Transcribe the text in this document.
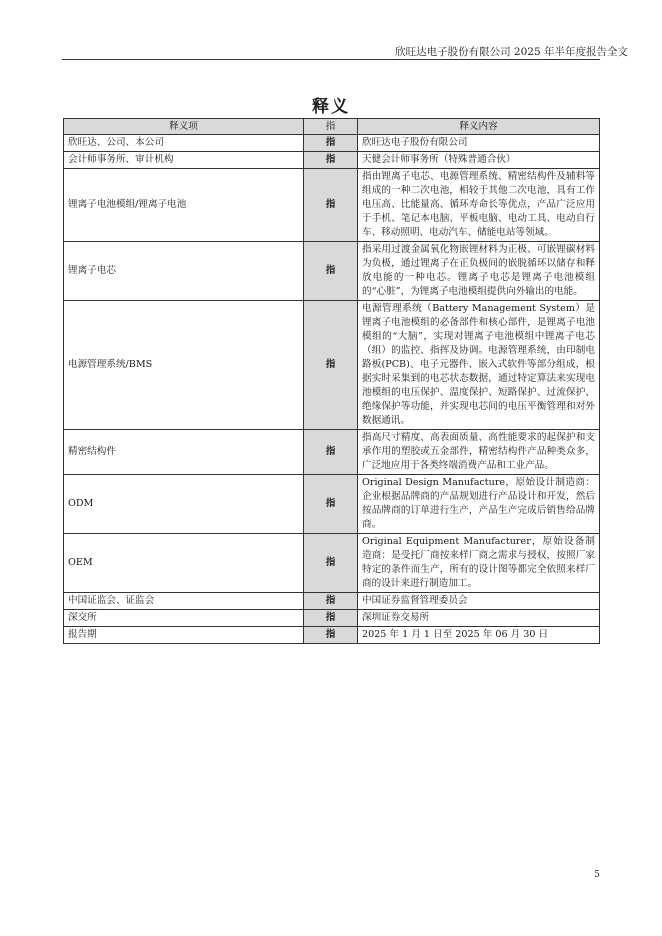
欣旺达电子股份有限公司 2025 年半年度报告全文
释义
释义项	指	释义内容
欣旺达、公司、本公司	指	欣旺达电子股份有限公司
会计师事务所、审计机构	指	天健会计师事务所（特殊普通合伙）
锂离子电池模组/锂离子电池	指	指由锂离子电芯、电源管理系统、精密结构件及辅料等组成的一种二次电池，相较于其他二次电池，具有工作电压高、比能量高、循环寿命长等优点，产品广泛应用于手机、笔记本电脑、平板电脑、电动工具、电动自行车、移动照明、电动汽车、储能电站等领域。
锂离子电芯	指	指采用过渡金属氧化物嵌锂材料为正极、可嵌锂碳材料为负极，通过锂离子在正负极间的嵌脱循环以储存和释放电能的一种电芯。锂离子电芯是锂离子电池模组的“心脏”，为锂离子电池模组提供向外输出的电能。
电源管理系统/BMS	指	电源管理系统（Battery Management System）是锂离子电池模组的必备部件和核心部件，是锂离子电池模组的“大脑”，实现对锂离子电池模组中锂离子电芯（组）的监控、指挥及协调。电源管理系统，由印制电路板(PCB)、电子元器件、嵌入式软件等部分组成，根据实时采集到的电芯状态数据，通过特定算法来实现电池模组的电压保护、温度保护、短路保护、过流保护、绝缘保护等功能，并实现电芯间的电压平衡管理和对外数据通讯。
精密结构件	指	指高尺寸精度、高表面质量、高性能要求的起保护和支承作用的塑胶或五金部件，精密结构件产品种类众多，广泛地应用于各类终端消费产品和工业产品。
ODM	指	Original Design Manufacture，原始设计制造商：企业根据品牌商的产品规划进行产品设计和开发，然后按品牌商的订单进行生产，产品生产完成后销售给品牌商。
OEM	指	Original Equipment Manufacturer，原始设备制造商：是受托厂商按来样厂商之需求与授权，按照厂家特定的条件而生产，所有的设计图等都完全依照来样厂商的设计来进行制造加工。
中国证监会、证监会	指	中国证券监督管理委员会
深交所	指	深圳证券交易所
报告期	指	2025 年 1 月 1 日至 2025 年 06 月 30 日
5
